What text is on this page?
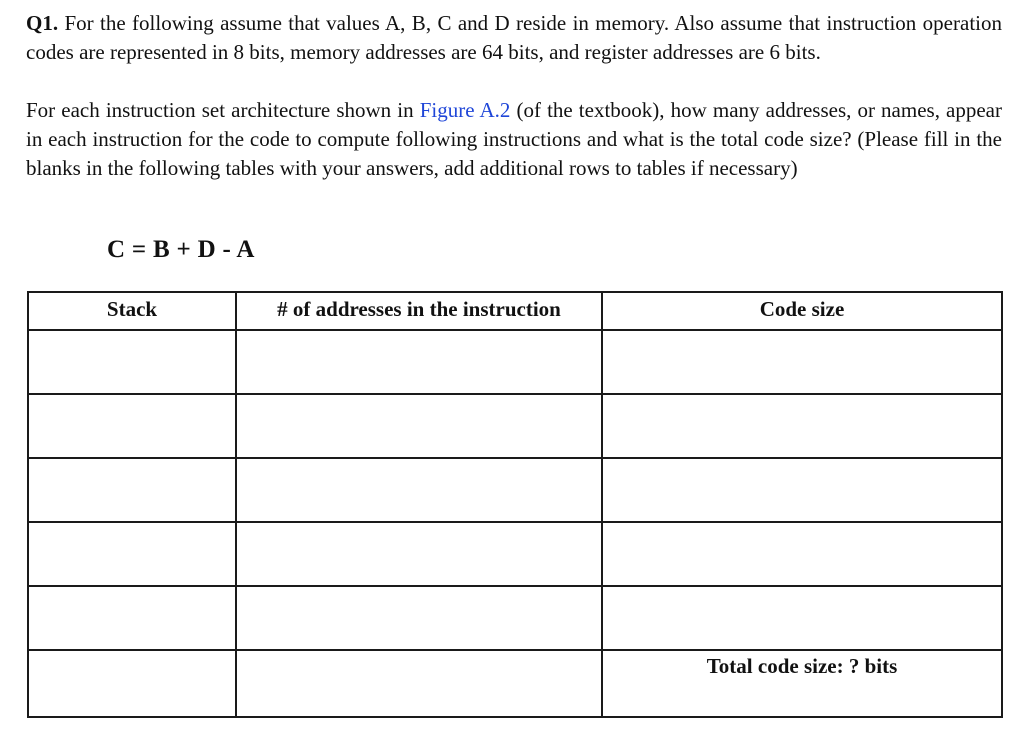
Q1. For the following assume that values A, B, C and D reside in memory. Also assume that instruction operation codes are represented in 8 bits, memory addresses are 64 bits, and register addresses are 6 bits.
For each instruction set architecture shown in Figure A.2 (of the textbook), how many addresses, or names, appear in each instruction for the code to compute following instructions and what is the total code size? (Please fill in the blanks in the following tables with your answers, add additional rows to tables if necessary)
C = B + D - A
Stack	# of addresses in the instruction	Code size

		Total code size: ? bits
